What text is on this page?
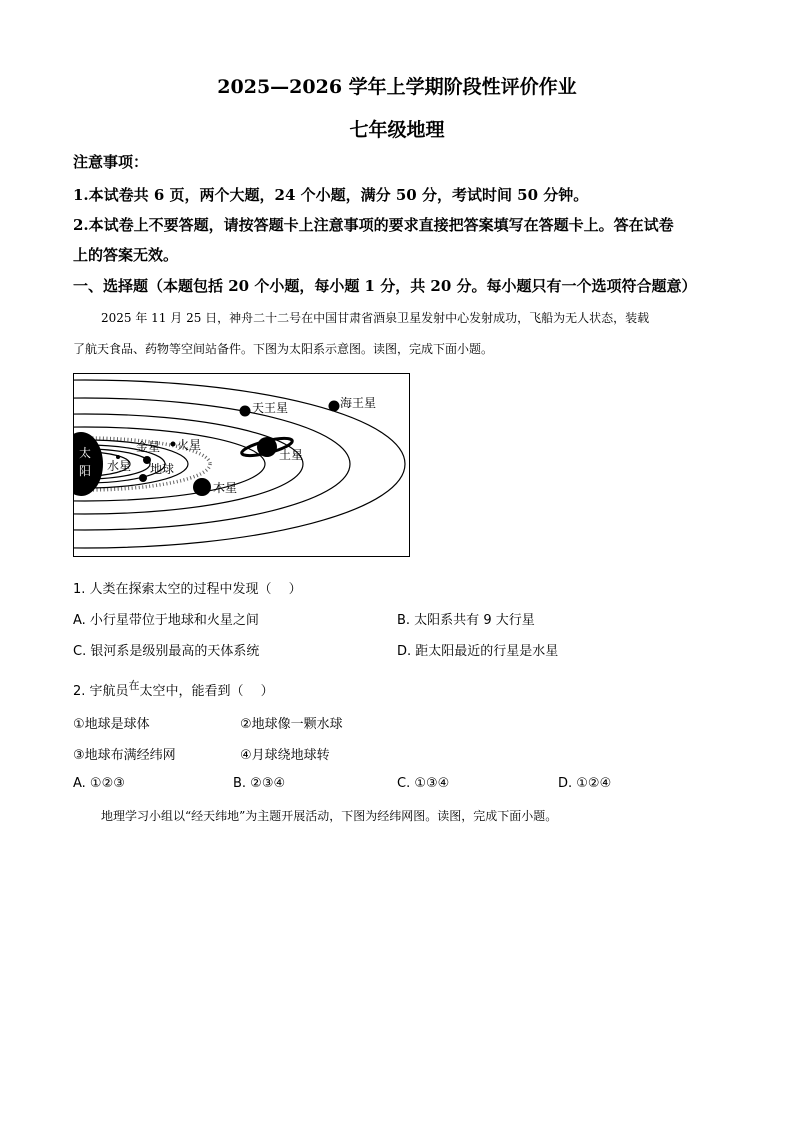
2025—2026 学年上学期阶段性评价作业
七年级地理
注意事项：
1.本试卷共 6 页，两个大题，24 个小题，满分 50 分，考试时间 50 分钟。
2.本试卷上不要答题，请按答题卡上注意事项的要求直接把答案填写在答题卡上。答在试卷
上的答案无效。
一、选择题（本题包括 20 个小题，每小题 1 分，共 20 分。每小题只有一个选项符合题意）
2025 年 11 月 25 日，神舟二十二号在中国甘肃省酒泉卫星发射中心发射成功，飞船为无人状态，装载
了航天食品、药物等空间站备件。下图为太阳系示意图。读图，完成下面小题。
太
阳 水星
金星
地球
火星
木星
土星
天王星	海王星
1. 人类在探索太空的过程中发现（　 ）
A. 小行星带位于地球和火星之间	B. 太阳系共有 9 大行星
C. 银河系是级别最高的天体系统	D. 距太阳最近的行星是水星
2. 宇航员$^在$太空中，能看到（　 ）
①地球是球体	②地球像一颗水球
③地球布满经纬网	④月球绕地球转
A. ①②③	B. ②③④	C. ①③④	D. ①②④
地理学习小组以“经天纬地”为主题开展活动，下图为经纬网图。读图，完成下面小题。
